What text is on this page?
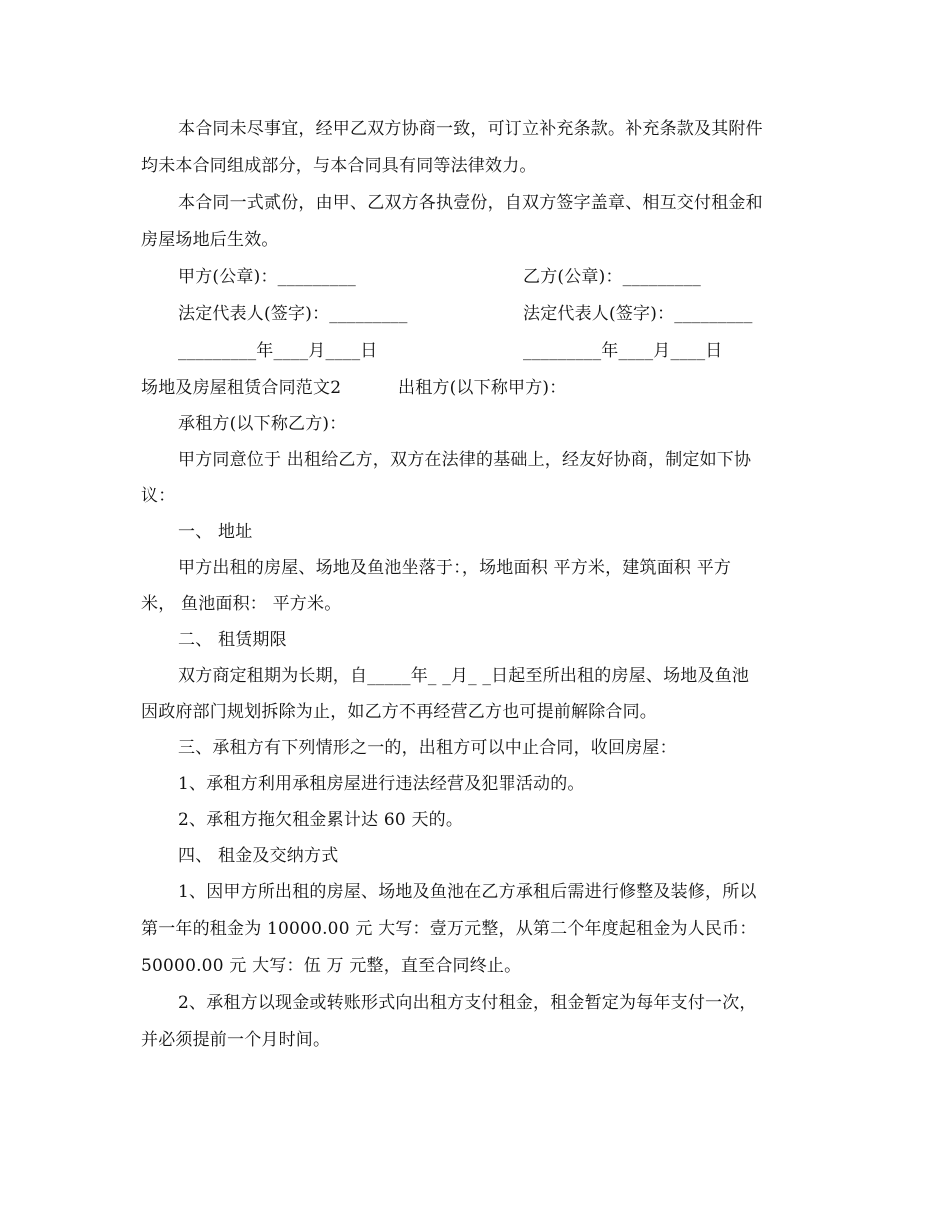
本合同未尽事宜，经甲乙双方协商一致，可订立补充条款。补充条款及其附件
均未本合同组成部分，与本合同具有同等法律效力。
本合同一式贰份，由甲、乙双方各执壹份，自双方签字盖章、相互交付租金和
房屋场地后生效。
甲方(公章)：_________	乙方(公章)：_________
法定代表人(签字)：_________	法定代表人(签字)：_________
_________年____月____日	_________年____月____日
场地及房屋租赁合同范文2	出租方(以下称甲方)：
承租方(以下称乙方)：
甲方同意位于 出租给乙方，双方在法律的基础上，经友好协商，制定如下协
议：
一、 地址
甲方出租的房屋、场地及鱼池坐落于：，场地面积 平方米，建筑面积 平方
米， 鱼池面积： 平方米。
二、 租赁期限
双方商定租期为长期，自_____年_ _月_ _日起至所出租的房屋、场地及鱼池
因政府部门规划拆除为止，如乙方不再经营乙方也可提前解除合同。
三、承租方有下列情形之一的，出租方可以中止合同，收回房屋：
1、承租方利用承租房屋进行违法经营及犯罪活动的。
2、承租方拖欠租金累计达 60 天的。
四、 租金及交纳方式
1、因甲方所出租的房屋、场地及鱼池在乙方承租后需进行修整及装修，所以
第一年的租金为 10000.00 元 大写：壹万元整，从第二个年度起租金为人民币：
50000.00 元 大写：伍 万 元整，直至合同终止。
2、承租方以现金或转账形式向出租方支付租金，租金暂定为每年支付一次，
并必须提前一个月时间。
